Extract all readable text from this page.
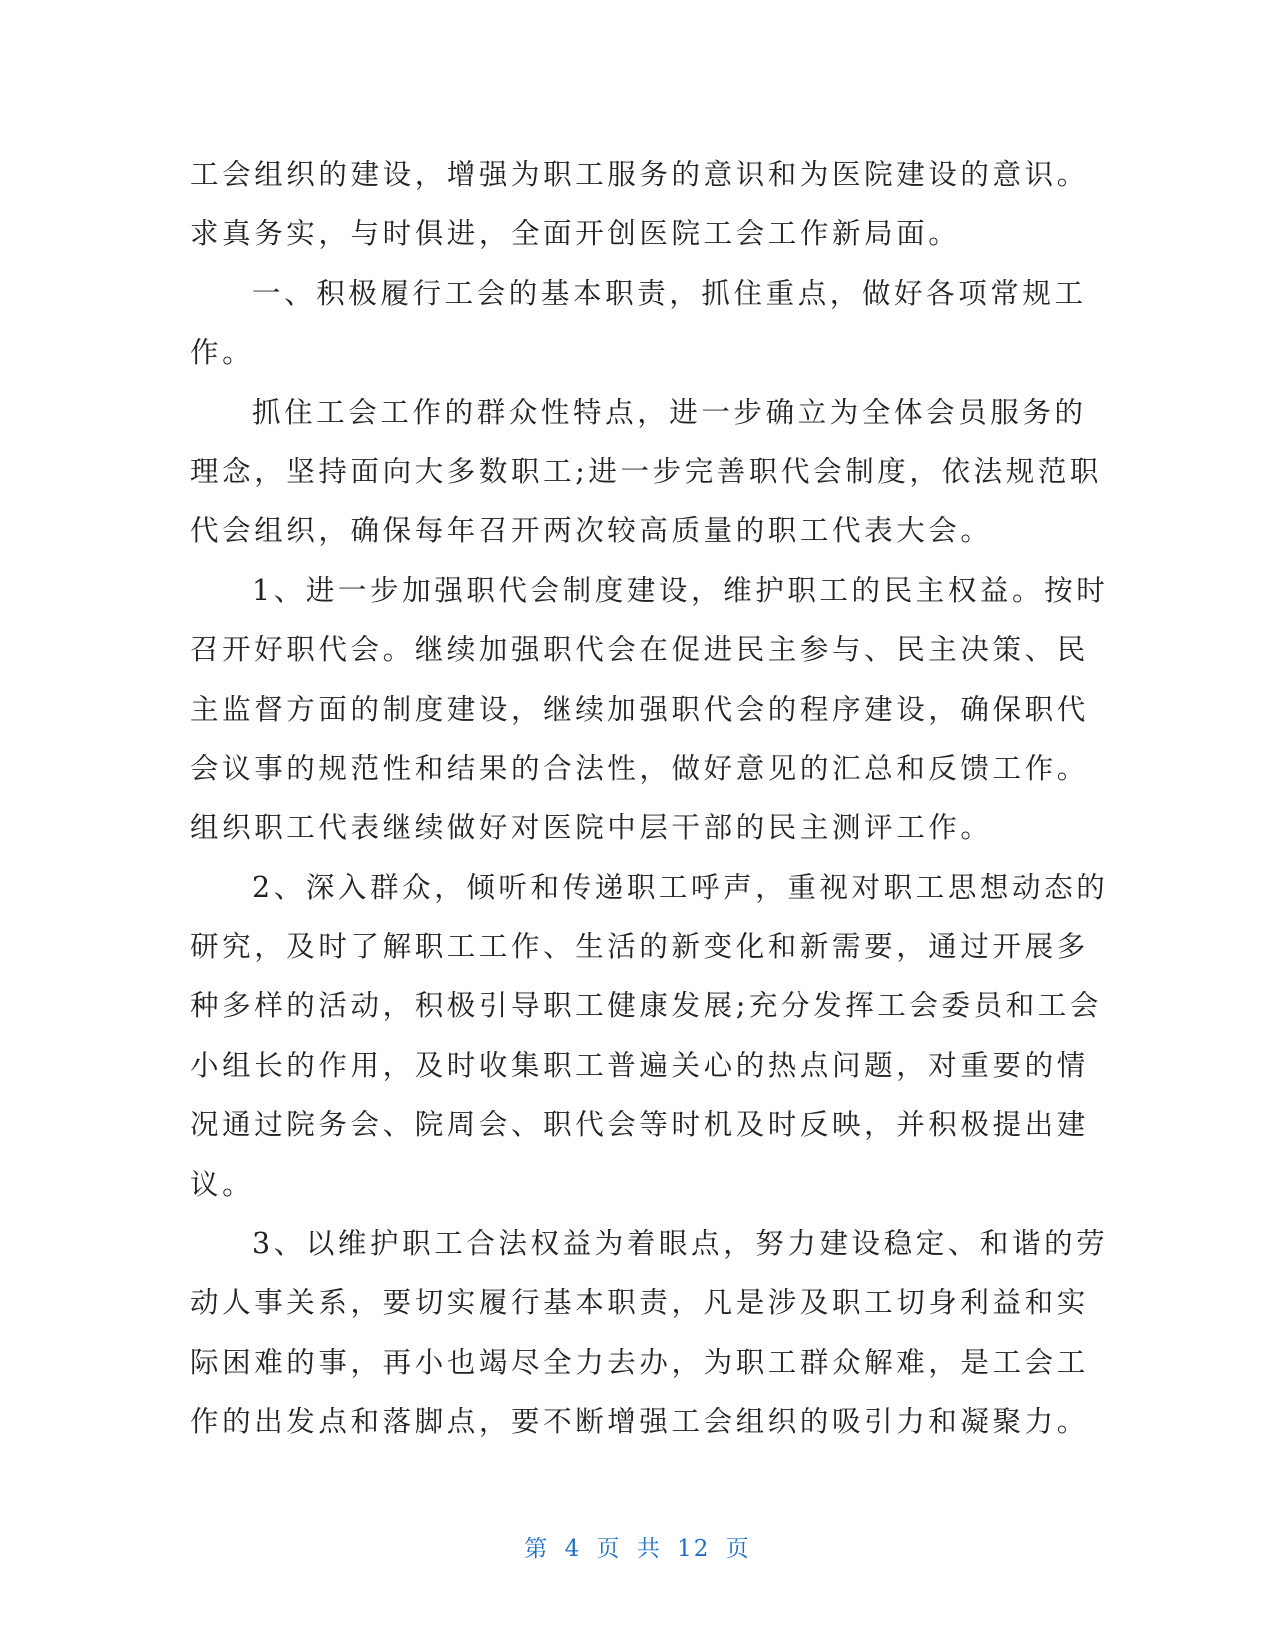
工会组织的建设，增强为职工服务的意识和为医院建设的意识。
求真务实，与时俱进，全面开创医院工会工作新局面。
一、积极履行工会的基本职责，抓住重点，做好各项常规工
作。
抓住工会工作的群众性特点，进一步确立为全体会员服务的
理念，坚持面向大多数职工;进一步完善职代会制度，依法规范职
代会组织，确保每年召开两次较高质量的职工代表大会。
1、进一步加强职代会制度建设，维护职工的民主权益。按时
召开好职代会。继续加强职代会在促进民主参与、民主决策、民
主监督方面的制度建设，继续加强职代会的程序建设，确保职代
会议事的规范性和结果的合法性，做好意见的汇总和反馈工作。
组织职工代表继续做好对医院中层干部的民主测评工作。
2、深入群众，倾听和传递职工呼声，重视对职工思想动态的
研究，及时了解职工工作、生活的新变化和新需要，通过开展多
种多样的活动，积极引导职工健康发展;充分发挥工会委员和工会
小组长的作用，及时收集职工普遍关心的热点问题，对重要的情
况通过院务会、院周会、职代会等时机及时反映，并积极提出建
议。
3、以维护职工合法权益为着眼点，努力建设稳定、和谐的劳
动人事关系，要切实履行基本职责，凡是涉及职工切身利益和实
际困难的事，再小也竭尽全力去办，为职工群众解难，是工会工
作的出发点和落脚点，要不断增强工会组织的吸引力和凝聚力。
第 4 页 共 12 页
